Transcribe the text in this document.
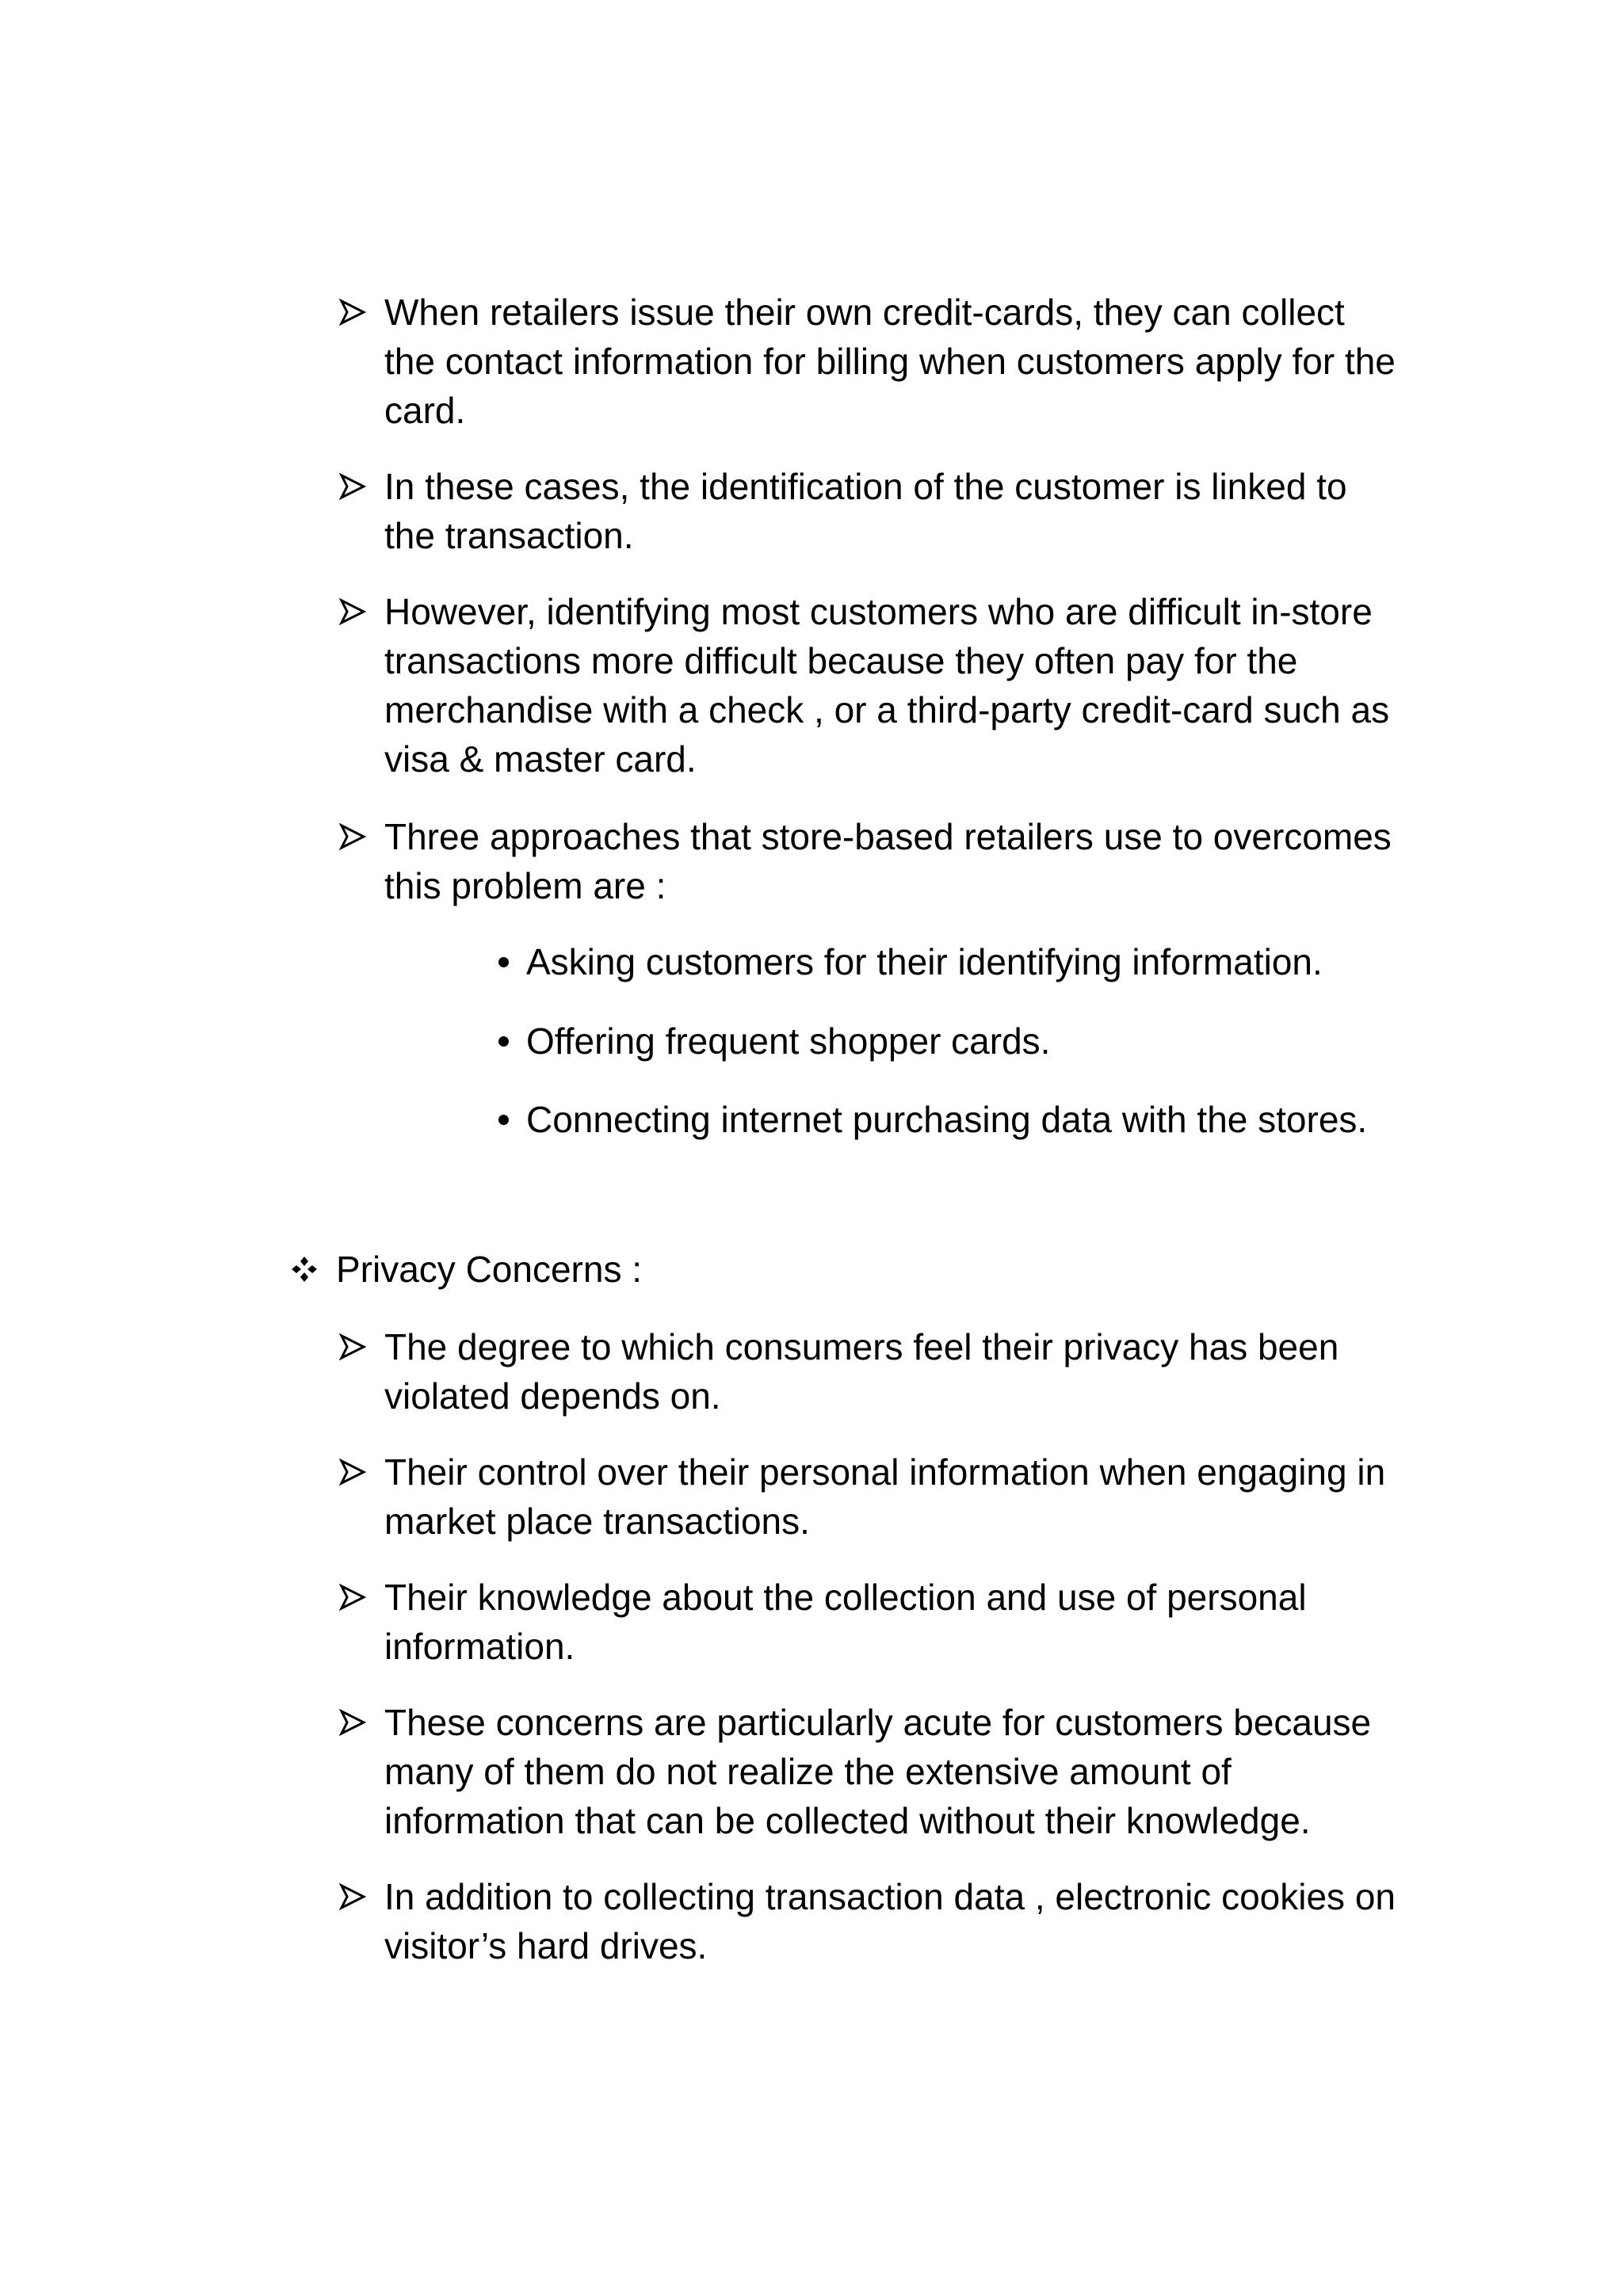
When retailers issue their own credit-cards, they can collect the contact information for billing when customers apply for the card.
In these cases, the identification of the customer is linked to the transaction.
However, identifying most customers who are difficult in-store transactions more difficult because they often pay for the merchandise with a check , or a third-party credit-card such as visa & master card.
Three approaches that store-based retailers use to overcomes this problem are :
Asking customers for their identifying information.
Offering frequent shopper cards.
Connecting internet purchasing data with the stores.
Privacy Concerns :
The degree to which consumers feel their privacy has been violated depends on.
Their control over their personal information when engaging in market place transactions.
Their knowledge about the collection and use of personal information.
These concerns are particularly acute for customers because many of them do not realize the extensive amount of information that can be collected without their knowledge.
In addition to collecting transaction data , electronic cookies on visitor’s hard drives.
